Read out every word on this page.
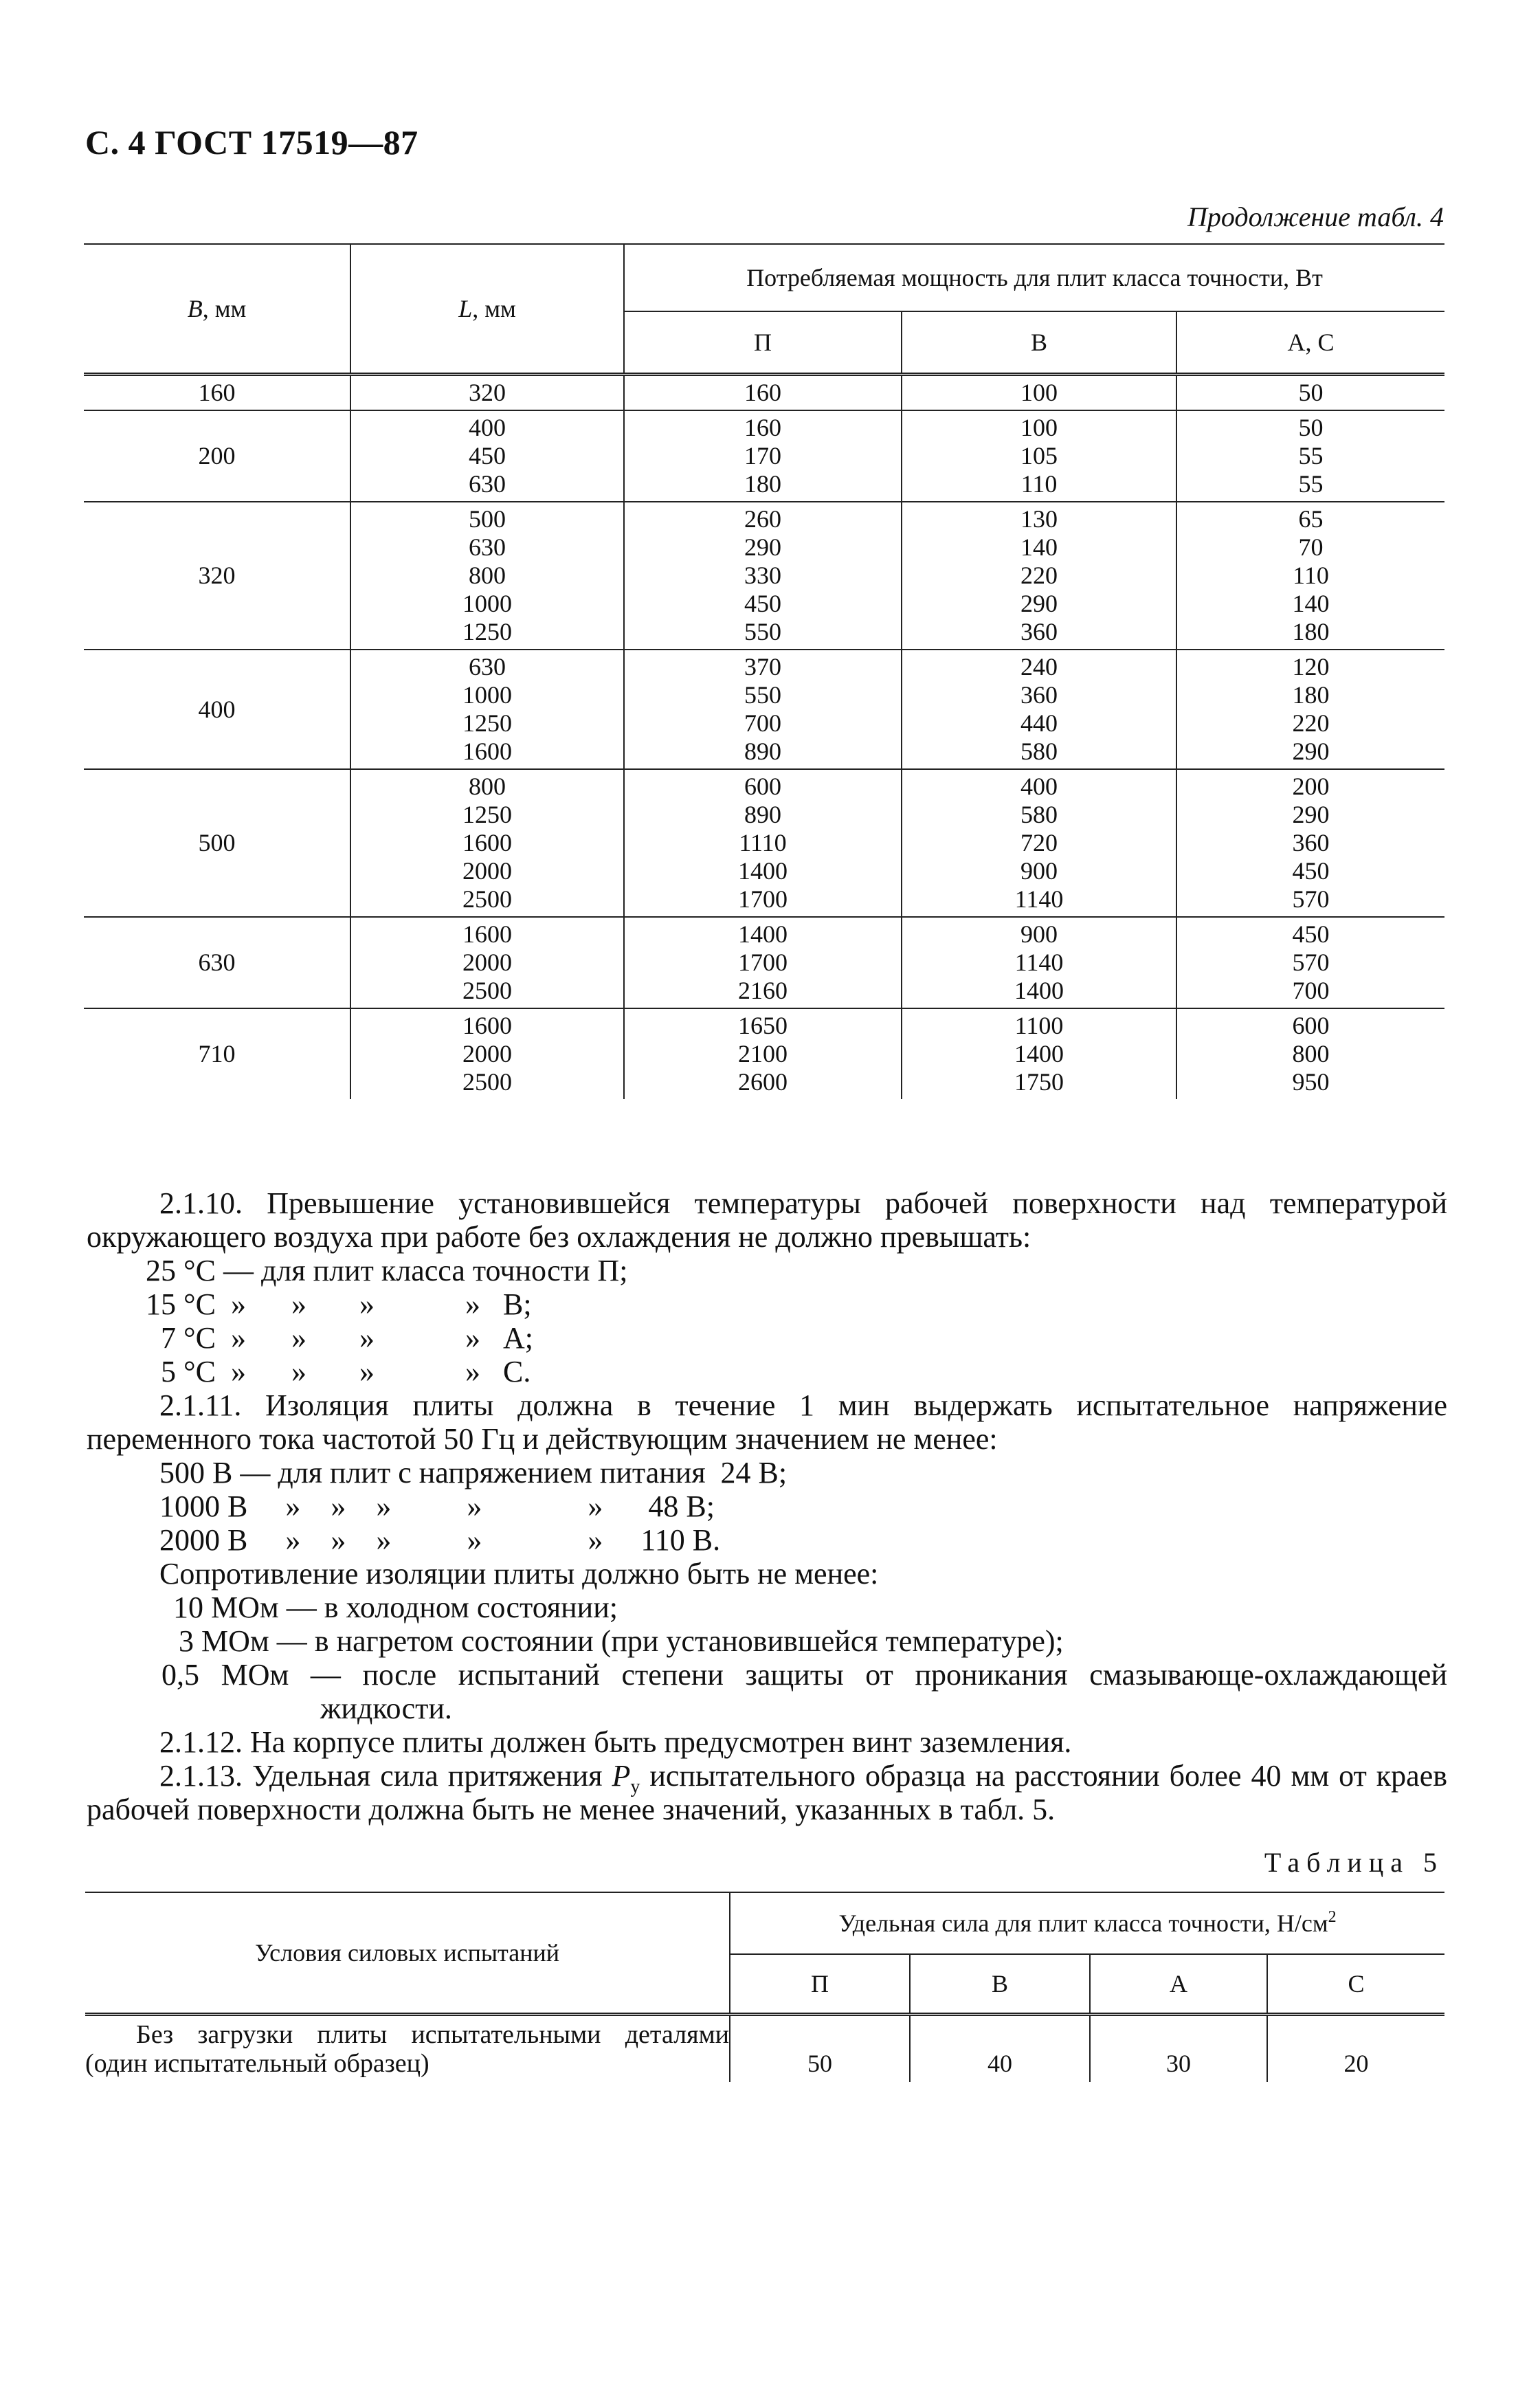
С. 4 ГОСТ 17519—87
Продолжение табл. 4
B, мм	L, мм	Потребляемая мощность для плит класса точности, Вт		
		П	В	А, С
160	320	160	100	50
200	400	160	100	50
	450	170	105	55
	630	180	110	55
320	500	260	130	65
	630	290	140	70
	800	330	220	110
	1000	450	290	140
	1250	550	360	180
400	630	370	240	120
	1000	550	360	180
	1250	700	440	220
	1600	890	580	290
500	800	600	400	200
	1250	890	580	290
	1600	1110	720	360
	2000	1400	900	450
	2500	1700	1140	570
630	1600	1400	900	450
	2000	1700	1140	570
	2500	2160	1400	700
710	1600	1650	1100	600
	2000	2100	1400	800
	2500	2600	1750	950

2.1.10. Превышение установившейся температуры рабочей поверхности над температурой окружающего воздуха при работе без охлаждения не должно превышать:

25 °С — для плит класса точности П;
15 °С »      »       »            »   В;
7 °С »      »       »            »   А;
5 °С »      »       »            »   С.

2.1.11. Изоляция плиты должна в течение 1 мин выдержать испытательное напряжение переменного тока частотой 50 Гц и действующим значением не менее:

500 В — для плит с напряжением питания  24 В;
1000 В     »    »    »          »              »      48 В;
2000 В     »    »    »          »              »     110 В.

Сопротивление изоляции плиты должно быть не менее:

10 МОм — в холодном состоянии;
3 МОм — в нагретом состоянии (при установившейся температуре);
0,5 МОм — после испытаний степени защиты от проникания смазывающе-охлаждающей жидкости.

2.1.12. На корпусе плиты должен быть предусмотрен винт заземления.

2.1.13. Удельная сила притяжения $P_у$ испытательного образца на расстоянии более 40 мм от краев рабочей поверхности должна быть не менее значений, указанных в табл. 5.

Таблица 5
Условия силовых испытаний	Удельная сила для плит класса точности, $Н/см^2$
	П	В	А	С

Без загрузки плиты испытательными деталями
(один испытательный образец)	50	40	30	20
